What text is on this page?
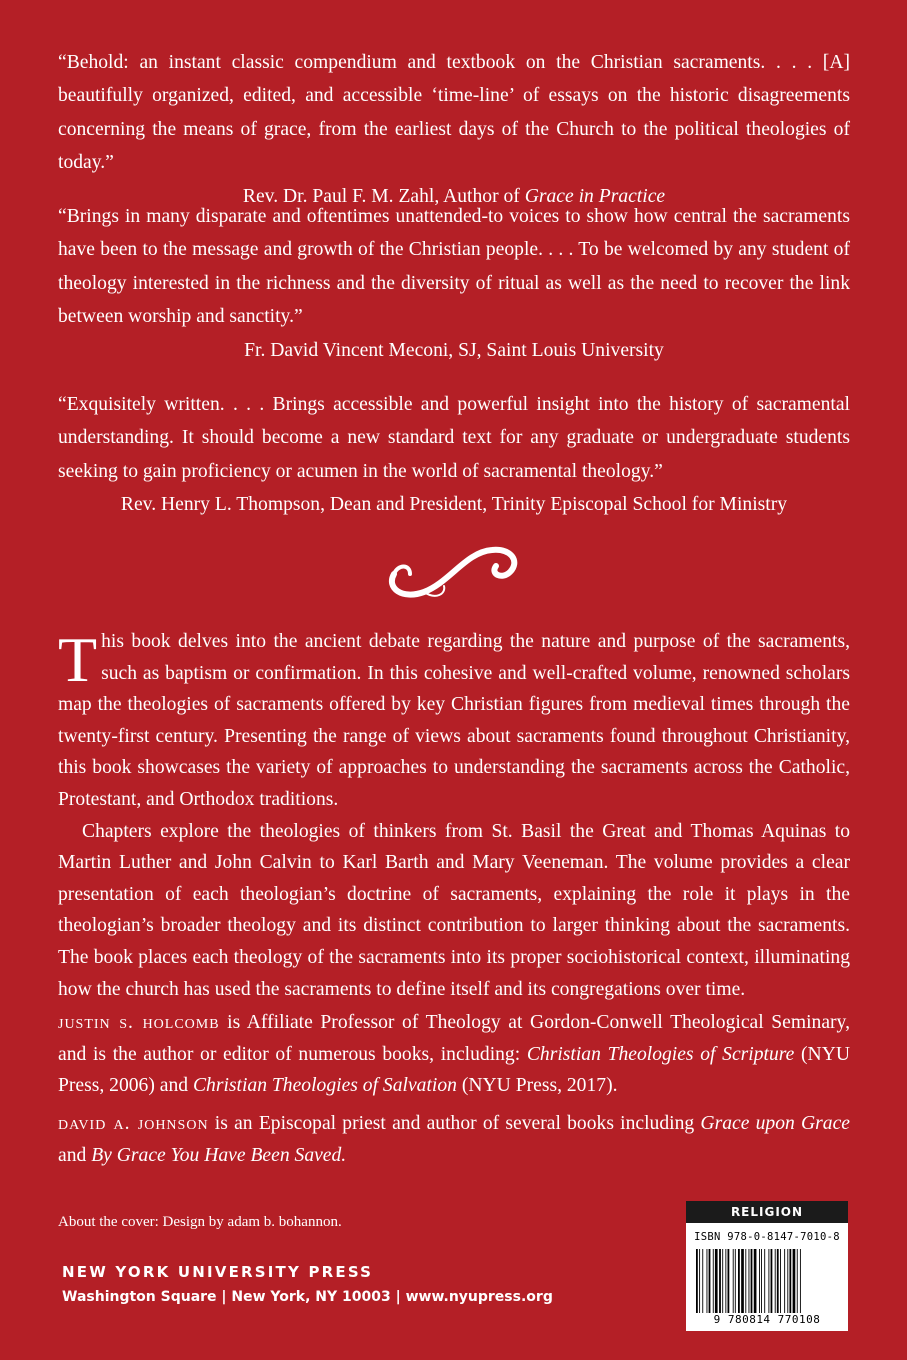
“Behold: an instant classic compendium and textbook on the Christian sacraments. . . . [A] beautifully organized, edited, and accessible ‘time-line’ of essays on the historic disagreements concerning the means of grace, from the earliest days of the Church to the political theologies of today.”

Rev. Dr. Paul F. M. Zahl, Author of Grace in Practice

“Brings in many disparate and oftentimes unattended-to voices to show how central the sacraments have been to the message and growth of the Christian people. . . . To be welcomed by any student of theology interested in the richness and the diversity of ritual as well as the need to recover the link between worship and sanctity.”

Fr. David Vincent Meconi, SJ, Saint Louis University

“Exquisitely written. . . . Brings accessible and powerful insight into the history of sacramental understanding. It should become a new standard text for any graduate or undergraduate students seeking to gain proficiency or acumen in the world of sacramental theology.”

Rev. Henry L. Thompson, Dean and President, Trinity Episcopal School for Ministry

This book delves into the ancient debate regarding the nature and purpose of the sacraments, such as baptism or confirmation. In this cohesive and well-crafted volume, renowned scholars map the theologies of sacraments offered by key Christian figures from medieval times through the twenty-first century. Presenting the range of views about sacraments found throughout Christianity, this book showcases the variety of approaches to understanding the sacraments across the Catholic, Protestant, and Orthodox traditions.

Chapters explore the theologies of thinkers from St. Basil the Great and Thomas Aquinas to Martin Luther and John Calvin to Karl Barth and Mary Veeneman. The volume provides a clear presentation of each theologian’s doctrine of sacraments, explaining the role it plays in the theologian’s broader theology and its distinct contribution to larger thinking about the sacraments. The book places each theology of the sacraments into its proper sociohistorical context, illuminating how the church has used the sacraments to define itself and its congregations over time.

justin s. holcomb is Affiliate Professor of Theology at Gordon-Conwell Theological Seminary, and is the author or editor of numerous books, including: Christian Theologies of Scripture (NYU Press, 2006) and Christian Theologies of Salvation (NYU Press, 2017).

david a. johnson is an Episcopal priest and author of several books including Grace upon Grace and By Grace You Have Been Saved.

About the cover: Design by adam b. bohannon.

NEW YORK UNIVERSITY PRESS

Washington Square | New York, NY 10003 | www.nyupress.org

RELIGION
ISBN 978-0-8147-7010-8
9 780814 770108
